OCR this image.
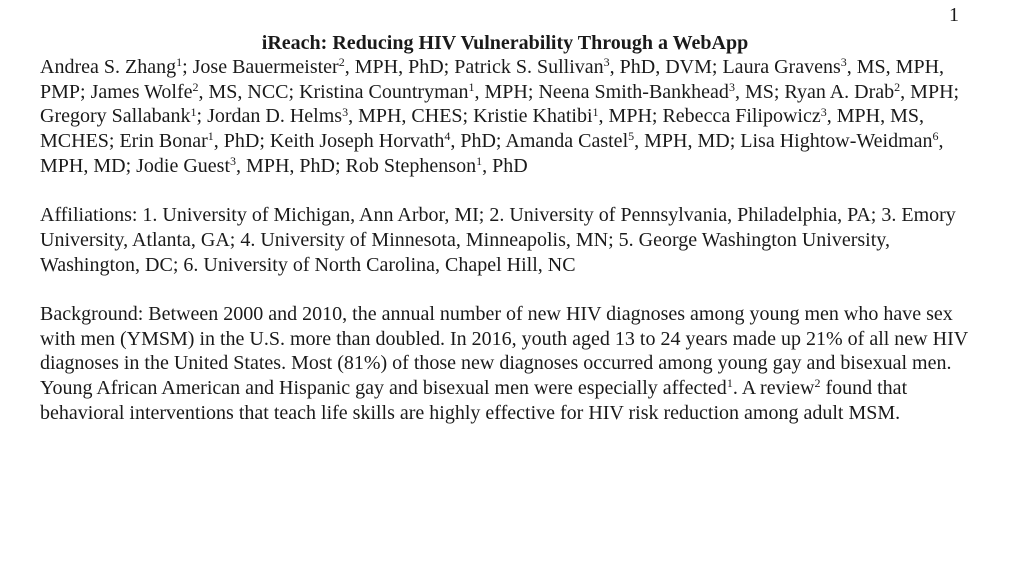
1

iReach: Reducing HIV Vulnerability Through a WebApp

Andrea S. Zhang$^1$; Jose Bauermeister$^2$, MPH, PhD; Patrick S. Sullivan$^3$, PhD, DVM; Laura Gravens$^3$, MS, MPH, PMP; James Wolfe$^2$, MS, NCC; Kristina Countryman$^1$, MPH; Neena Smith-Bankhead$^3$, MS; Ryan A. Drab$^2$, MPH; Gregory Sallabank$^1$; Jordan D. Helms$^3$, MPH, CHES; Kristie Khatibi$^1$, MPH; Rebecca Filipowicz$^3$, MPH, MS, MCHES; Erin Bonar$^1$, PhD; Keith Joseph Horvath$^4$, PhD; Amanda Castel$^5$, MPH, MD; Lisa Hightow-Weidman$^6$, MPH, MD; Jodie Guest$^3$, MPH, PhD; Rob Stephenson$^1$, PhD

Affiliations: 1. University of Michigan, Ann Arbor, MI; 2. University of Pennsylvania, Philadelphia, PA; 3. Emory University, Atlanta, GA; 4. University of Minnesota, Minneapolis, MN; 5. George Washington University, Washington, DC; 6. University of North Carolina, Chapel Hill, NC

Background: Between 2000 and 2010, the annual number of new HIV diagnoses among young men who have sex with men (YMSM) in the U.S. more than doubled. In 2016, youth aged 13 to 24 years made up 21% of all new HIV diagnoses in the United States. Most (81%) of those new diagnoses occurred among young gay and bisexual men. Young African American and Hispanic gay and bisexual men were especially affected$^1$. A review$^2$ found that behavioral interventions that teach life skills are highly effective for HIV risk reduction among adult MSM.
